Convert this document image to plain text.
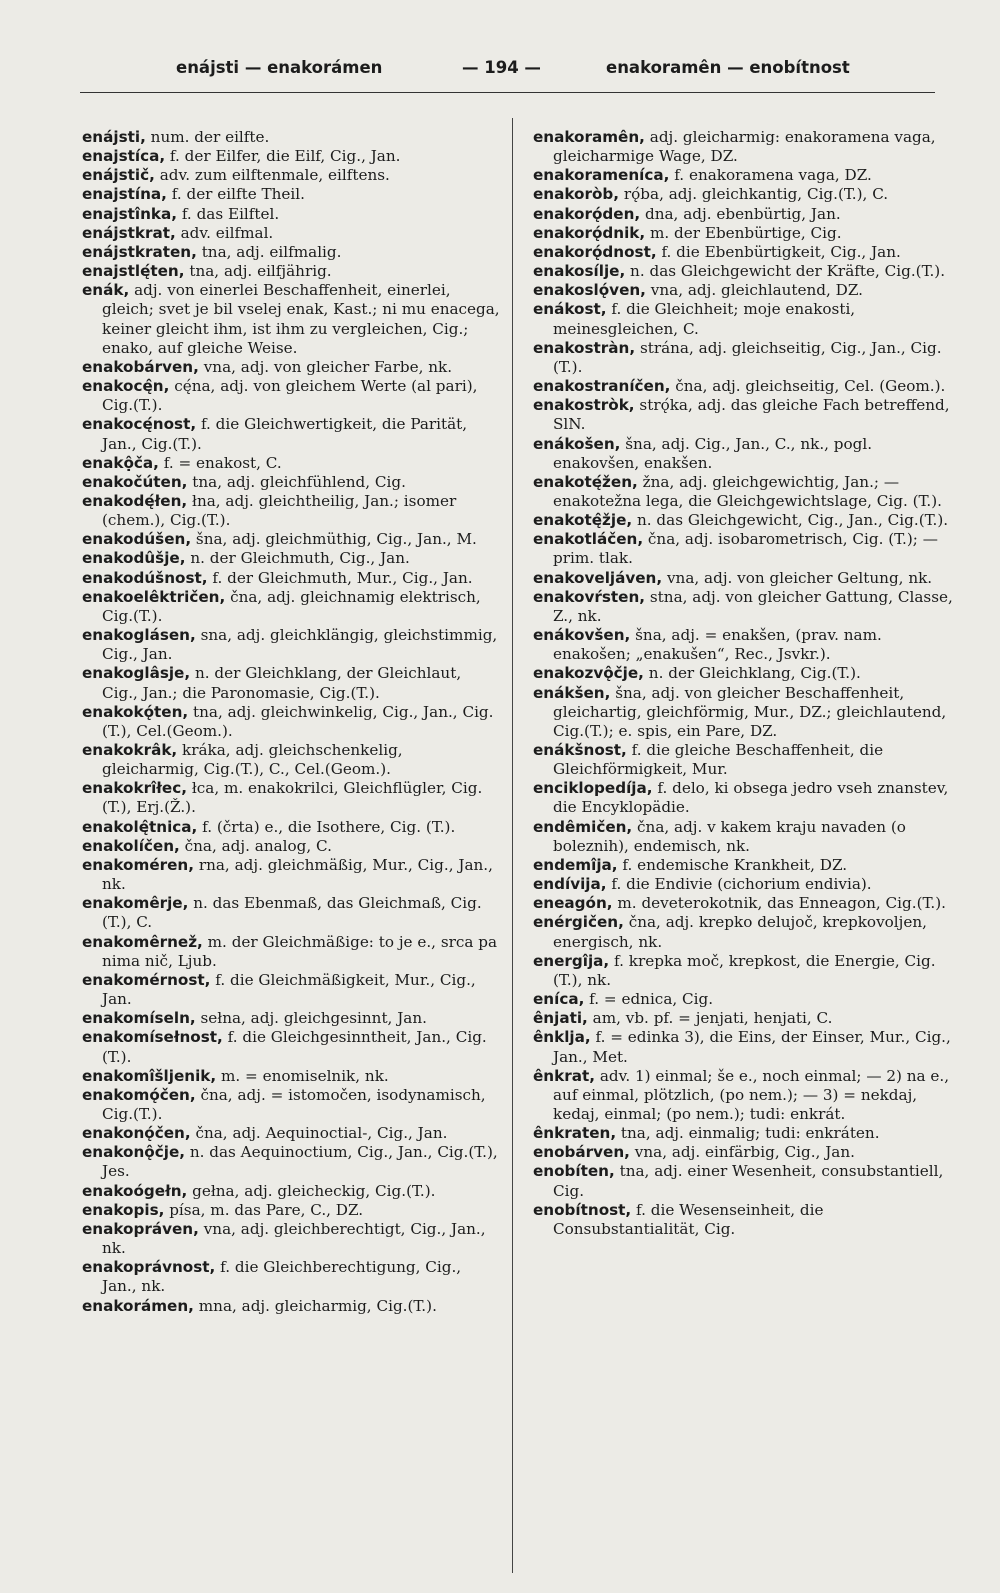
enájsti — enakorámen	— 194 —	enakoramên — enobítnost

enájsti, num. der eilfte.

enajstíca, f. der Eilfer, die Eilf, Cig., Jan.

enájstič, adv. zum eilftenmale, eilftens.

enajstína, f. der eilfte Theil.

enajstînka, f. das Eilftel.

enájstkrat, adv. eilfmal.

enájstkraten, tna, adj. eilfmalig.

enajstlę́ten, tna, adj. eilfjährig.

enák, adj. von einerlei Beschaffenheit, einerlei, gleich; svet je bil vselej enak, Kast.; ni mu enacega, keiner gleicht ihm, ist ihm zu vergleichen, Cig.; enako, auf gleiche Weise.

enakobárven, vna, adj. von gleicher Farbe, nk.

enakocę̂n, cę́na, adj. von gleichem Werte (al pari), Cig.(T.).

enakocę́nost, f. die Gleichwertigkeit, die Parität, Jan., Cig.(T.).

enakộča, f. = enakost, C.

enakočúten, tna, adj. gleichfühlend, Cig.

enakodę́łen, łna, adj. gleichtheilig, Jan.; isomer (chem.), Cig.(T.).

enakodúšen, šna, adj. gleichmüthig, Cig., Jan., M.

enakodûšje, n. der Gleichmuth, Cig., Jan.

enakodúšnost, f. der Gleichmuth, Mur., Cig., Jan.

enakoelêktričen, čna, adj. gleichnamig elektrisch, Cig.(T.).

enakoglásen, sna, adj. gleichklängig, gleichstimmig, Cig., Jan.

enakoglâsje, n. der Gleichklang, der Gleichlaut, Cig., Jan.; die Paronomasie, Cig.(T.).

enakokǫ́ten, tna, adj. gleichwinkelig, Cig., Jan., Cig.(T.), Cel.(Geom.).

enakokrâk, kráka, adj. gleichschenkelig, gleicharmig, Cig.(T.), C., Cel.(Geom.).

enakokrîłec, łca, m. enakokrilci, Gleichflügler, Cig.(T.), Erj.(Ž.).

enakolę̂tnica, f. (črta) e., die Isothere, Cig. (T.).

enakolíčen, čna, adj. analog, C.

enakoméren, rna, adj. gleichmäßig, Mur., Cig., Jan., nk.

enakomêrje, n. das Ebenmaß, das Gleichmaß, Cig.(T.), C.

enakomêrnež, m. der Gleichmäßige: to je e., srca pa nima nič, Ljub.

enakomérnost, f. die Gleichmäßigkeit, Mur., Cig., Jan.

enakomíseln, sełna, adj. gleichgesinnt, Jan.

enakomísełnost, f. die Gleichgesinntheit, Jan., Cig.(T.).

enakomîšljenik, m. = enomiselnik, nk.

enakomǫ́čen, čna, adj. = istomočen, isodynamisch, Cig.(T.).

enakonǫ́čen, čna, adj. Aequinoctial-, Cig., Jan.

enakonǫ̂čje, n. das Aequinoctium, Cig., Jan., Cig.(T.), Jes.

enakoógełn, gełna, adj. gleicheckig, Cig.(T.).

enakopis, písa, m. das Pare, C., DZ.

enakopráven, vna, adj. gleichberechtigt, Cig., Jan., nk.

enakoprávnost, f. die Gleichberechtigung, Cig., Jan., nk.

enakorámen, mna, adj. gleicharmig, Cig.(T.).

enakoramên, adj. gleicharmig: enakoramena vaga, gleicharmige Wage, DZ.

enakorameníca, f. enakoramena vaga, DZ.

enakoròb, rǫ́ba, adj. gleichkantig, Cig.(T.), C.

enakorǫ́den, dna, adj. ebenbürtig, Jan.

enakorǫ́dnik, m. der Ebenbürtige, Cig.

enakorǫ́dnost, f. die Ebenbürtigkeit, Cig., Jan.

enakosílje, n. das Gleichgewicht der Kräfte, Cig.(T.).

enakoslǫ́ven, vna, adj. gleichlautend, DZ.

enákost, f. die Gleichheit; moje enakosti, meinesgleichen, C.

enakostràn, strána, adj. gleichseitig, Cig., Jan., Cig.(T.).

enakostraníčen, čna, adj. gleichseitig, Cel. (Geom.).

enakostròk, strǫ́ka, adj. das gleiche Fach betreffend, SlN.

enákošen, šna, adj. Cig., Jan., C., nk., pogl. enakovšen, enakšen.

enakotę́žen, žna, adj. gleichgewichtig, Jan.; — enakotežna lega, die Gleichgewichtslage, Cig. (T.).

enakotę̂žje, n. das Gleichgewicht, Cig., Jan., Cig.(T.).

enakotláčen, čna, adj. isobarometrisch, Cig. (T.); — prim. tlak.

enakoveljáven, vna, adj. von gleicher Geltung, nk.

enakovŕsten, stna, adj. von gleicher Gattung, Classe, Z., nk.

enákovšen, šna, adj. = enakšen, (prav. nam. enakošen; „enakušen“, Rec., Jsvkr.).

enakozvǫ̂čje, n. der Gleichklang, Cig.(T.).

enákšen, šna, adj. von gleicher Beschaffenheit, gleichartig, gleichförmig, Mur., DZ.; gleichlautend, Cig.(T.); e. spis, ein Pare, DZ.

enákšnost, f. die gleiche Beschaffenheit, die Gleichförmigkeit, Mur.

enciklopedíja, f. delo, ki obsega jedro vseh znanstev, die Encyklopädie.

endêmičen, čna, adj. v kakem kraju navaden (o boleznih), endemisch, nk.

endemîja, f. endemische Krankheit, DZ.

endívija, f. die Endivie (cichorium endivia).

eneagón, m. deveterokotnik, das Enneagon, Cig.(T.).

enérgičen, čna, adj. krepko delujoč, krepkovoljen, energisch, nk.

energîja, f. krepka moč, krepkost, die Energie, Cig.(T.), nk.

eníca, f. = ednica, Cig.

ênjati, am, vb. pf. = jenjati, henjati, C.

ênklja, f. = edinka 3), die Eins, der Einser, Mur., Cig., Jan., Met.

ênkrat, adv. 1) einmal; še e., noch einmal; — 2) na e., auf einmal, plötzlich, (po nem.); — 3) = nekdaj, kedaj, einmal; (po nem.); tudi: enkrát.

ênkraten, tna, adj. einmalig; tudi: enkráten.

enobárven, vna, adj. einfärbig, Cig., Jan.

enobíten, tna, adj. einer Wesenheit, consubstantiell, Cig.

enobítnost, f. die Wesenseinheit, die Consubstantialität, Cig.
